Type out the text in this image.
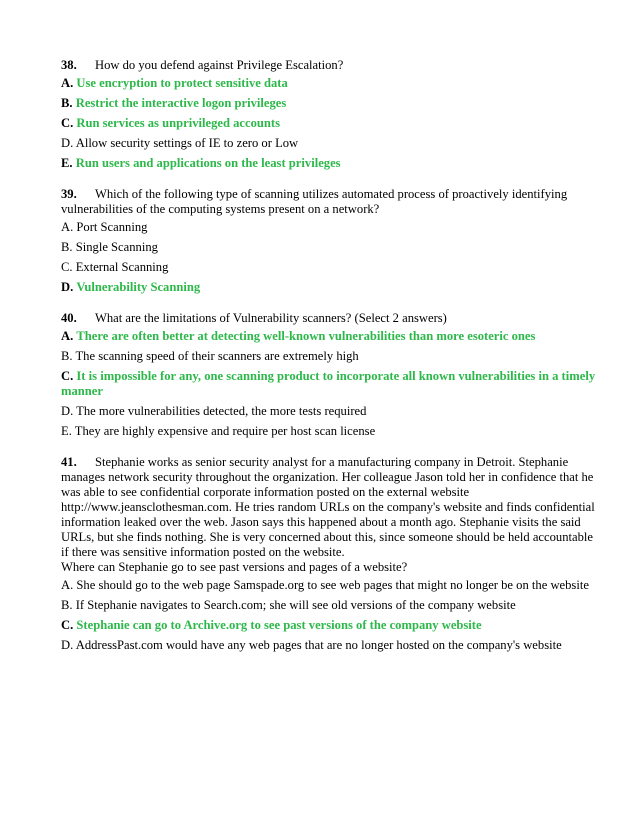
38. How do you defend against Privilege Escalation?

A. Use encryption to protect sensitive data

B. Restrict the interactive logon privileges

C. Run services as unprivileged accounts

D. Allow security settings of IE to zero or Low

E. Run users and applications on the least privileges

39. Which of the following type of scanning utilizes automated process of proactively identifying vulnerabilities of the computing systems present on a network?

A. Port Scanning

B. Single Scanning

C. External Scanning

D. Vulnerability Scanning

40. What are the limitations of Vulnerability scanners? (Select 2 answers)

A. There are often better at detecting well-known vulnerabilities than more esoteric ones

B. The scanning speed of their scanners are extremely high

C. It is impossible for any, one scanning product to incorporate all known vulnerabilities in a timely manner

D. The more vulnerabilities detected, the more tests required

E. They are highly expensive and require per host scan license

41. Stephanie works as senior security analyst for a manufacturing company in Detroit. Stephanie manages network security throughout the organization. Her colleague Jason told her in confidence that he was able to see confidential corporate information posted on the external website http://www.jeansclothesman.com. He tries random URLs on the company's website and finds confidential information leaked over the web. Jason says this happened about a month ago. Stephanie visits the said URLs, but she finds nothing. She is very concerned about this, since someone should be held accountable if there was sensitive information posted on the website.
Where can Stephanie go to see past versions and pages of a website?

A. She should go to the web page Samspade.org to see web pages that might no longer be on the website

B. If Stephanie navigates to Search.com; she will see old versions of the company website

C. Stephanie can go to Archive.org to see past versions of the company website

D. AddressPast.com would have any web pages that are no longer hosted on the company's website
